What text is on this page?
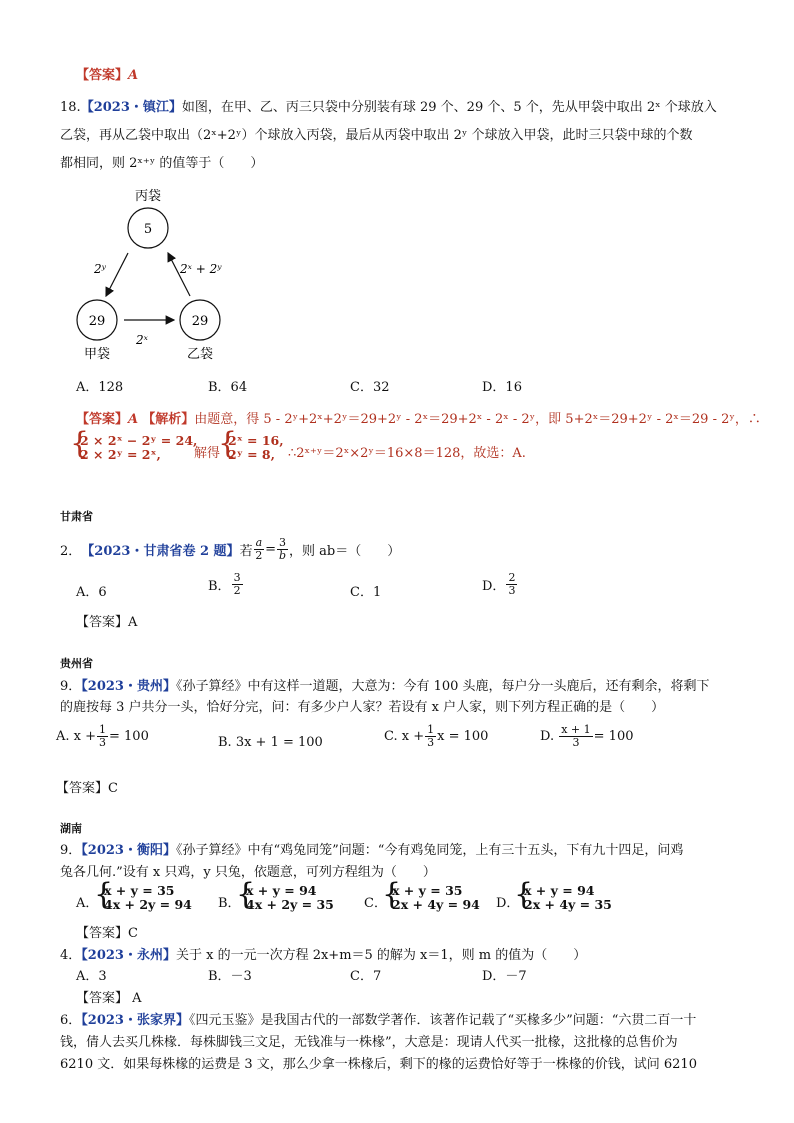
【答案】A
18.【2023・镇江】如图，在甲、乙、丙三只袋中分别装有球 29 个、29 个、5 个，先从甲袋中取出 2ˣ 个球放入
乙袋，再从乙袋中取出（2ˣ+2ʸ）个球放入丙袋，最后从丙袋中取出 2ʸ 个球放入甲袋，此时三只袋中球的个数
都相同，则 2ˣ⁺ʸ 的值等于（　　）
丙袋
5
29
甲袋
29
乙袋
2ʸ
2ˣ
2ˣ + 2ʸ
A．128	B．64	C．32	D．16
【答案】A 【解析】由题意，得 5 - 2ʸ+2ˣ+2ʸ＝29+2ʸ - 2ˣ＝29+2ˣ - 2ˣ - 2ʸ，即 5+2ˣ＝29+2ʸ - 2ˣ＝29 - 2ʸ，∴
{
2 × 2ˣ − 2ʸ = 24,
2 × 2ʸ = 2ˣ,	解得
{
2ˣ = 16,
2ʸ = 8,	∴2ˣ⁺ʸ＝2ˣ×2ʸ＝16×8＝128，故选：A.
甘肃省
2． 【2023・甘肃省卷 2 题】 若 $\frac{a}{2} = \frac{3}{b}$ ，则 ab＝（　　）
A．6	B． $\frac{3}{2}$	C．1	D． $\frac{2}{3}$
【答案】A
贵州省
9．【2023・贵州】《孙子算经》中有这样一道题，大意为：今有 100 头鹿，每户分一头鹿后，还有剩余，将剩下
的鹿按每 3 户共分一头，恰好分完，问：有多少户人家？若设有 x 户人家，则下列方程正确的是（　　）
A. $x + \frac{1}{3} = 100$	B. 3x + 1 = 100	C. $x + \frac{1}{3}$ x = 100	D.
$\frac{x + 1}{3} = 100$
【答案】C
湖南
9．【2023・衡阳】《孙子算经》中有“鸡兔同笼”问题：“今有鸡兔同笼，上有三十五头，下有九十四足，问鸡
兔各几何.”设有 x 只鸡，y 只兔，依题意，可列方程组为（　　）
A．
{
x + y = 35
4x + 2y = 94 B．
{
x + y = 94
4x + 2y = 35 C．
{
x + y = 35
2x + 4y = 94 D．
{
x + y = 94
2x + 4y = 35
【答案】C
4．【2023・永州】关于 x 的一元一次方程 2x+m＝5 的解为 x＝1，则 m 的值为（　　）
A．3	B．－3	C．7	D．－7
【答案】 A
6．【2023・张家界】《四元玉鉴》是我国古代的一部数学著作．该著作记载了“买椽多少”问题：“六贯二百一十
钱，倩人去买几株椽．每株脚钱三文足，无钱准与一株椽”，大意是：现请人代买一批椽，这批椽的总售价为
6210 文．如果每株椽的运费是 3 文，那么少拿一株椽后，剩下的椽的运费恰好等于一株椽的价钱，试问 6210
